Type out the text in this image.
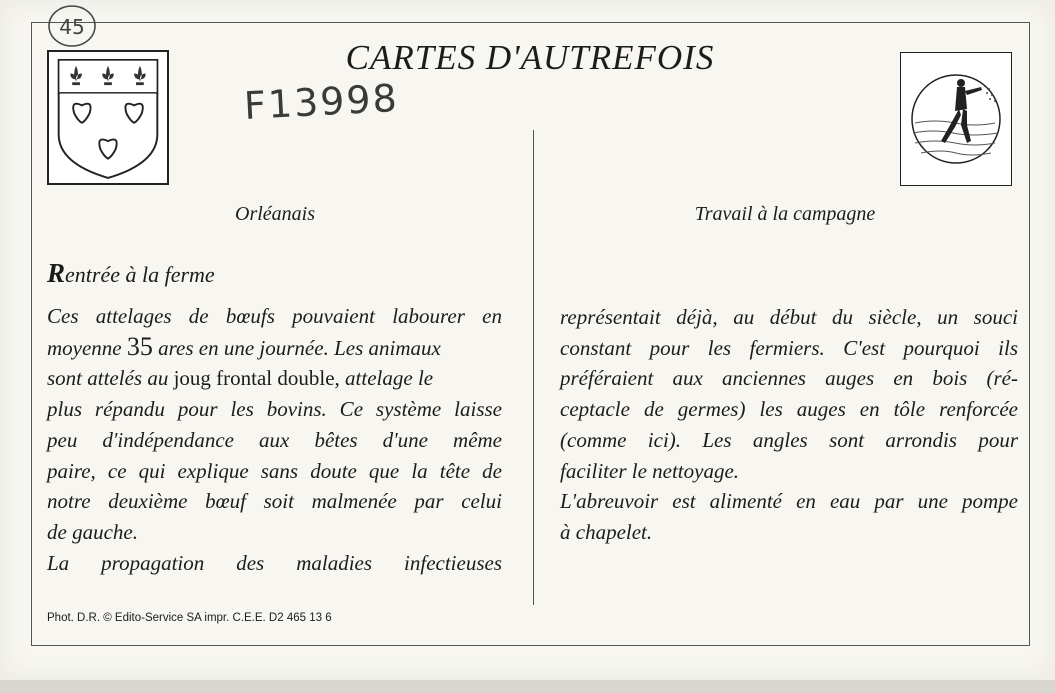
45
CARTES D'AUTREFOIS
F13998
Orléanais	Travail à la campagne
Rentrée à la ferme
Ces attelages de bœufs pouvaient labourer en
moyenne 35 ares en une journée. Les animaux
sont attelés au joug frontal double, attelage le
plus répandu pour les bovins. Ce système laisse
peu d'indépendance aux bêtes d'une même
paire, ce qui explique sans doute que la tête de
notre deuxième bœuf soit malmenée par celui
de gauche.
La propagation des maladies infectieuses
représentait déjà, au début du siècle, un souci
constant pour les fermiers. C'est pourquoi ils
préféraient aux anciennes auges en bois (ré-
ceptacle de germes) les auges en tôle renforcée
(comme ici). Les angles sont arrondis pour
faciliter le nettoyage.
L'abreuvoir est alimenté en eau par une pompe
à chapelet.
Phot. D.R. © Edito-Service SA impr. C.E.E. D2 465 13 6
